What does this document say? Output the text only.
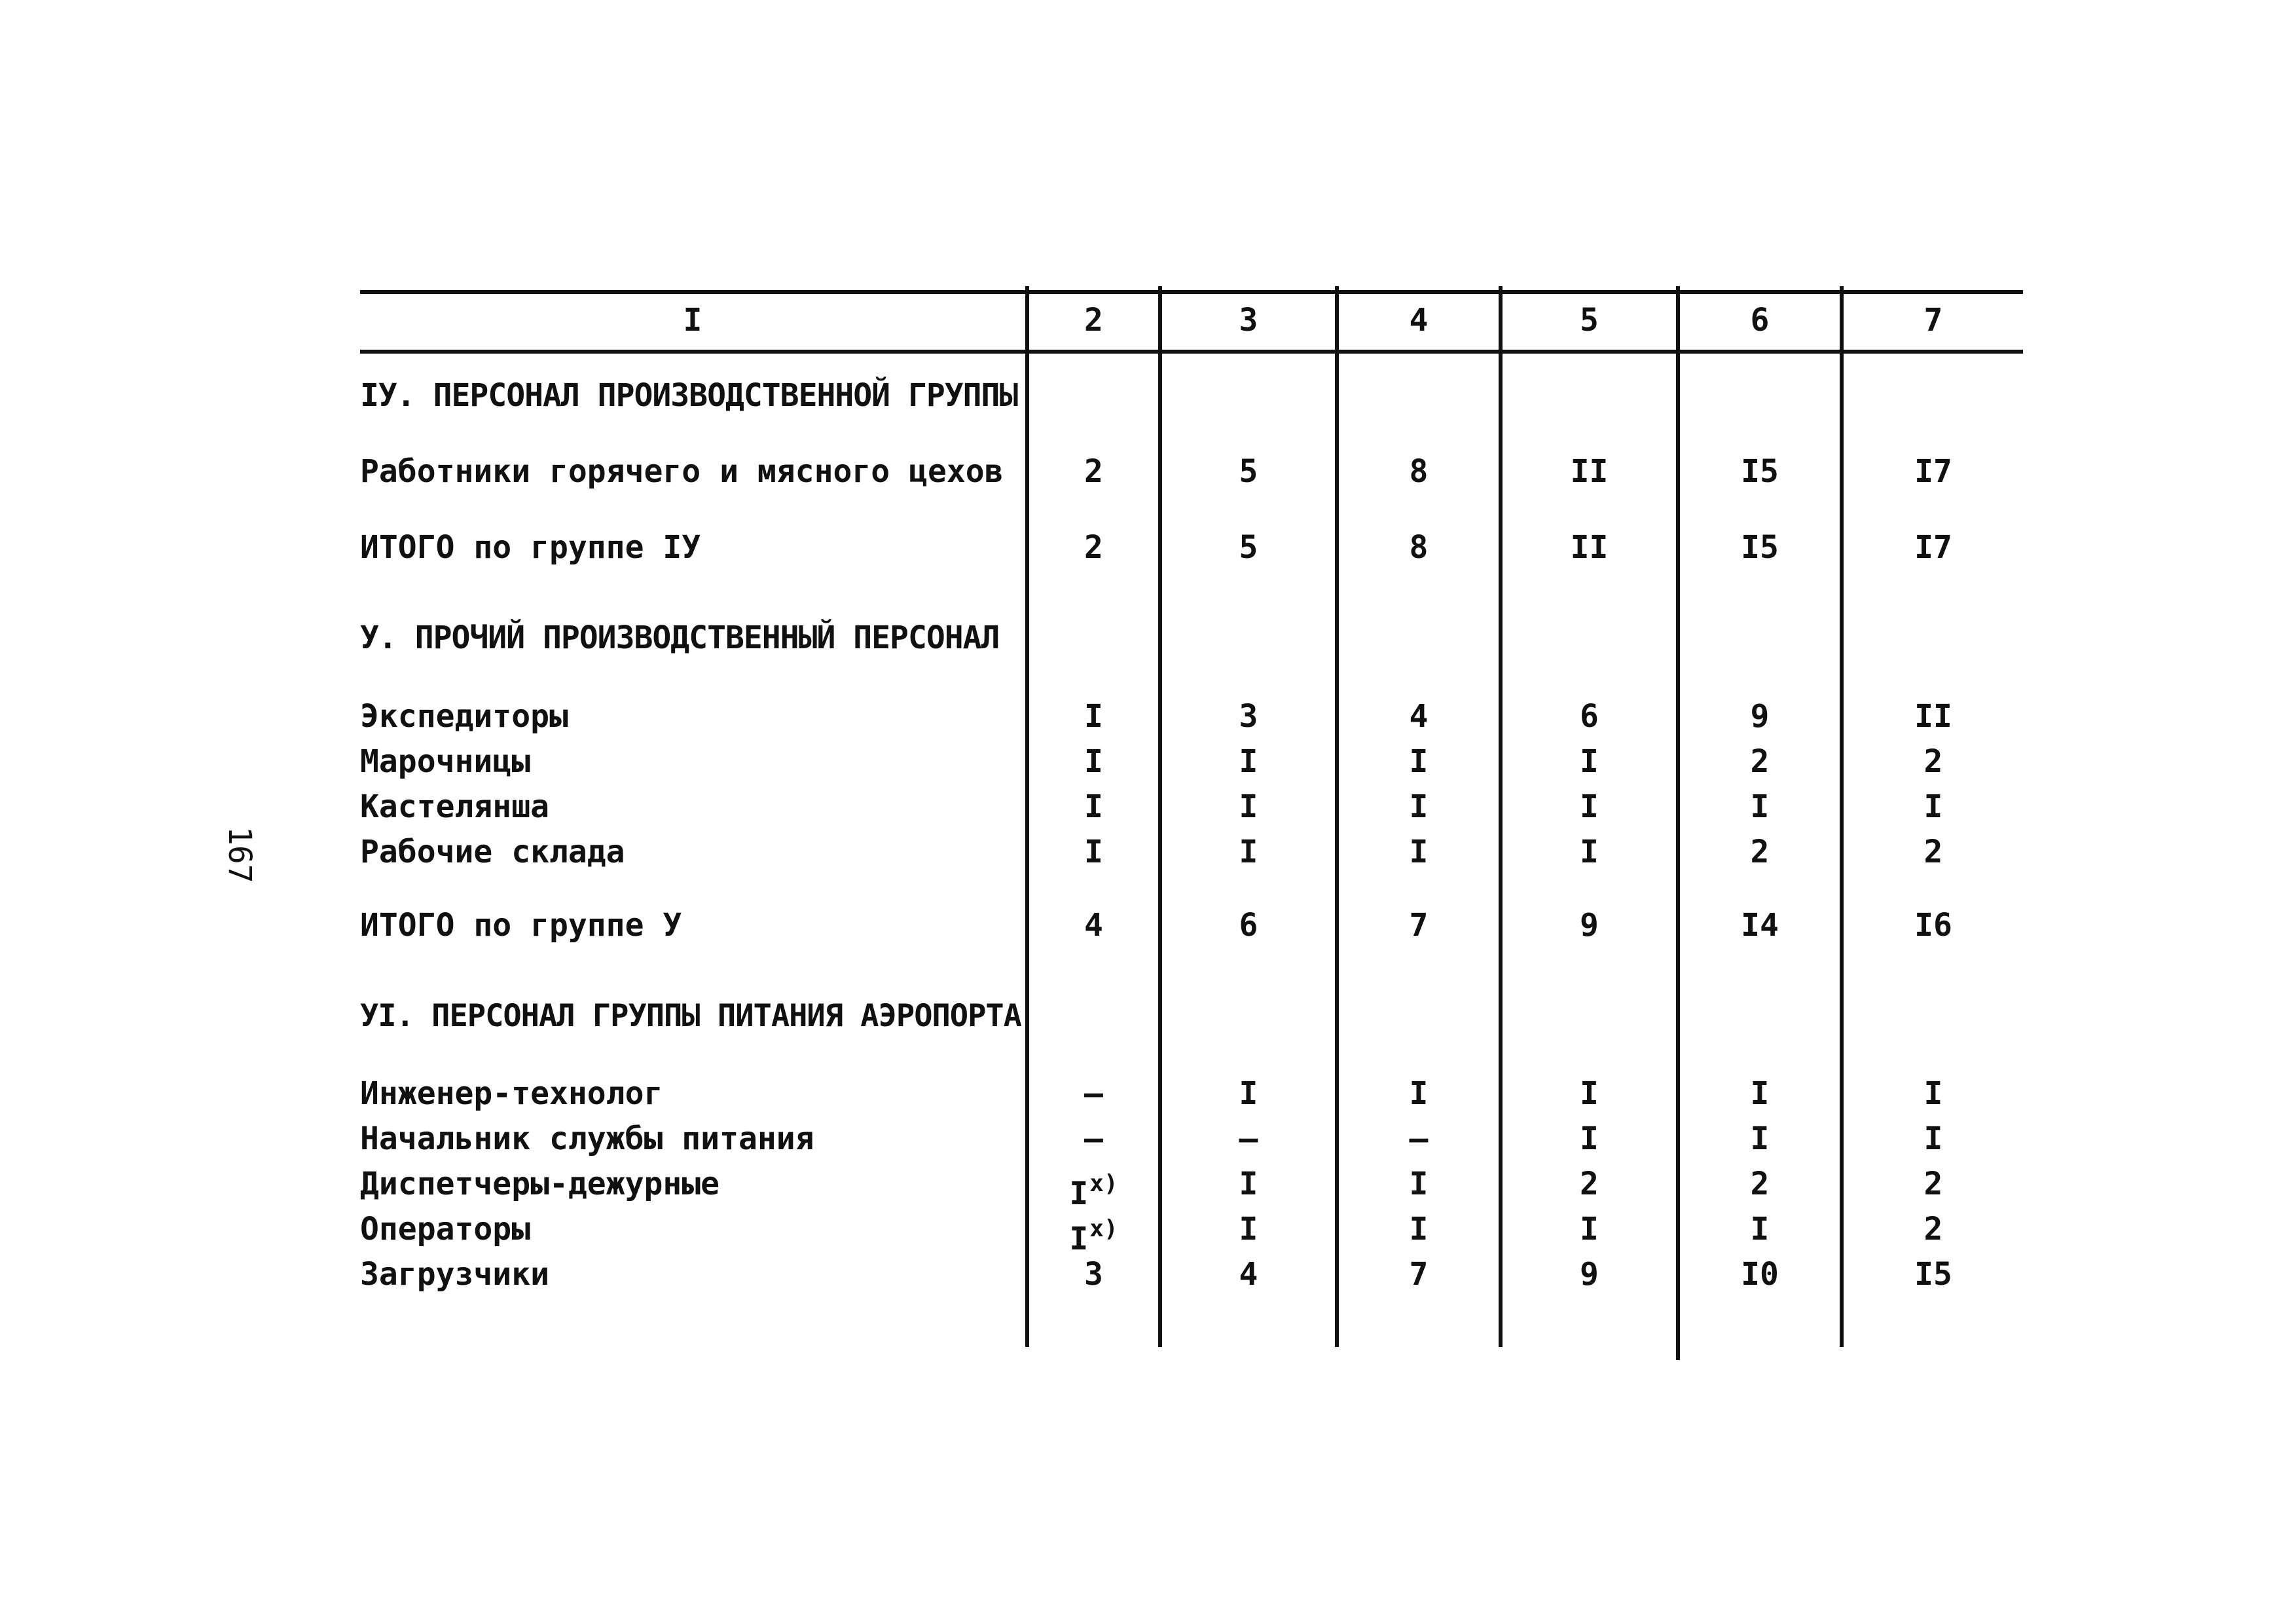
I	2	3	4	5	6	7
IУ. ПЕРСОНАЛ ПРОИЗВОДСТВЕННОЙ ГРУППЫ
Работники горячего и мясного цехов	2	5	8	II	I5	I7
ИТОГО по группе IУ	2	5	8	II	I5	I7
У. ПРОЧИЙ ПРОИЗВОДСТВЕННЫЙ ПЕРСОНАЛ
Экспедиторы	I	3	4	6	9	II
Марочницы	I	I	I	I	2	2
Кастелянша	I	I	I	I	I	I
Рабочие склада	I	I	I	I	2	2
ИТОГО по группе У	4	6	7	9	I4	I6
УI. ПЕРСОНАЛ ГРУППЫ ПИТАНИЯ АЭРОПОРТА
Инженер-технолог	–	I	I	I	I	I
Начальник службы питания	–	–	–	I	I	I
Диспетчеры-дежурные	$I^{x)}$	I	I	2	2	2
Операторы	$I^{x)}$	I	I	I	I	2
Загрузчики	3	4	7	9	I0	I5
167
